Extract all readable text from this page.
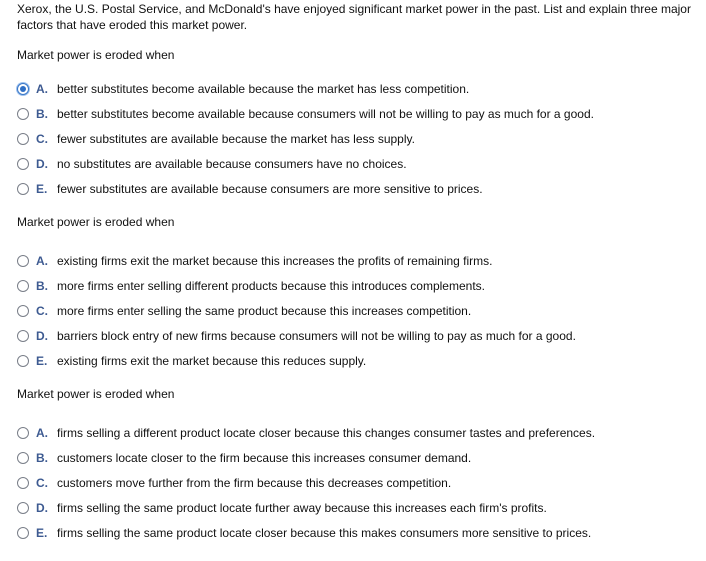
Xerox, the U.S. Postal Service, and McDonald's have enjoyed significant market power in the past. List and explain three major factors that have eroded this market power.

Market power is eroded when

A. better substitutes become available because the market has less competition.
B. better substitutes become available because consumers will not be willing to pay as much for a good.
C. fewer substitutes are available because the market has less supply.
D. no substitutes are available because consumers have no choices.
E. fewer substitutes are available because consumers are more sensitive to prices.

Market power is eroded when

A. existing firms exit the market because this increases the profits of remaining firms.
B. more firms enter selling different products because this introduces complements.
C. more firms enter selling the same product because this increases competition.
D. barriers block entry of new firms because consumers will not be willing to pay as much for a good.
E. existing firms exit the market because this reduces supply.

Market power is eroded when

A. firms selling a different product locate closer because this changes consumer tastes and preferences.
B. customers locate closer to the firm because this increases consumer demand.
C. customers move further from the firm because this decreases competition.
D. firms selling the same product locate further away because this increases each firm's profits.
E. firms selling the same product locate closer because this makes consumers more sensitive to prices.
